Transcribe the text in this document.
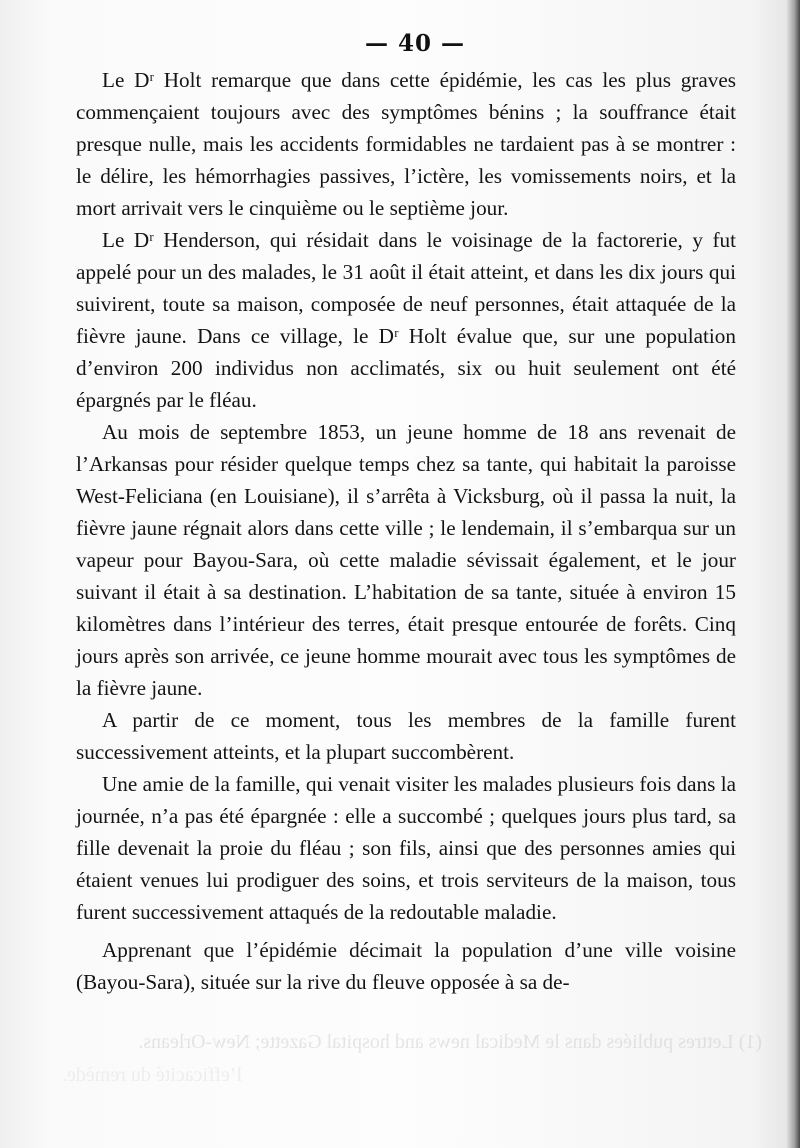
— 40 —

Le Dʳ Holt remarque que dans cette épidémie, les cas les plus graves commençaient toujours avec des symptômes bénins ; la souffrance était presque nulle, mais les accidents formidables ne tardaient pas à se montrer : le délire, les hémorrhagies passives, l’ictère, les vomissements noirs, et la mort arrivait vers le cinquième ou le septième jour.

Le Dʳ Henderson, qui résidait dans le voisinage de la factorerie, y fut appelé pour un des malades, le 31 août il était atteint, et dans les dix jours qui suivirent, toute sa maison, composée de neuf personnes, était attaquée de la fièvre jaune. Dans ce village, le Dʳ Holt évalue que, sur une population d’environ 200 individus non acclimatés, six ou huit seulement ont été épargnés par le fléau.

Au mois de septembre 1853, un jeune homme de 18 ans revenait de l’Arkansas pour résider quelque temps chez sa tante, qui habitait la paroisse West-Feliciana (en Louisiane), il s’arrêta à Vicksburg, où il passa la nuit, la fièvre jaune régnait alors dans cette ville ; le lendemain, il s’embarqua sur un vapeur pour Bayou-Sara, où cette maladie sévissait également, et le jour suivant il était à sa destination. L’habitation de sa tante, située à environ 15 kilomètres dans l’intérieur des terres, était presque entourée de forêts. Cinq jours après son arrivée, ce jeune homme mourait avec tous les symptômes de la fièvre jaune.

A partir de ce moment, tous les membres de la famille furent successivement atteints, et la plupart succombèrent.

Une amie de la famille, qui venait visiter les malades plusieurs fois dans la journée, n’a pas été épargnée : elle a succombé ; quelques jours plus tard, sa fille devenait la proie du fléau ; son fils, ainsi que des personnes amies qui étaient venues lui prodiguer des soins, et trois serviteurs de la maison, tous furent successivement attaqués de la redoutable maladie.

Apprenant que l’épidémie décimait la population d’une ville voisine (Bayou-Sara), située sur la rive du fleuve opposée à sa de-

(1) Lettres publiées dans le Medical news and hospital Gazette; New-Orleans.
l’efficacité du remède.
